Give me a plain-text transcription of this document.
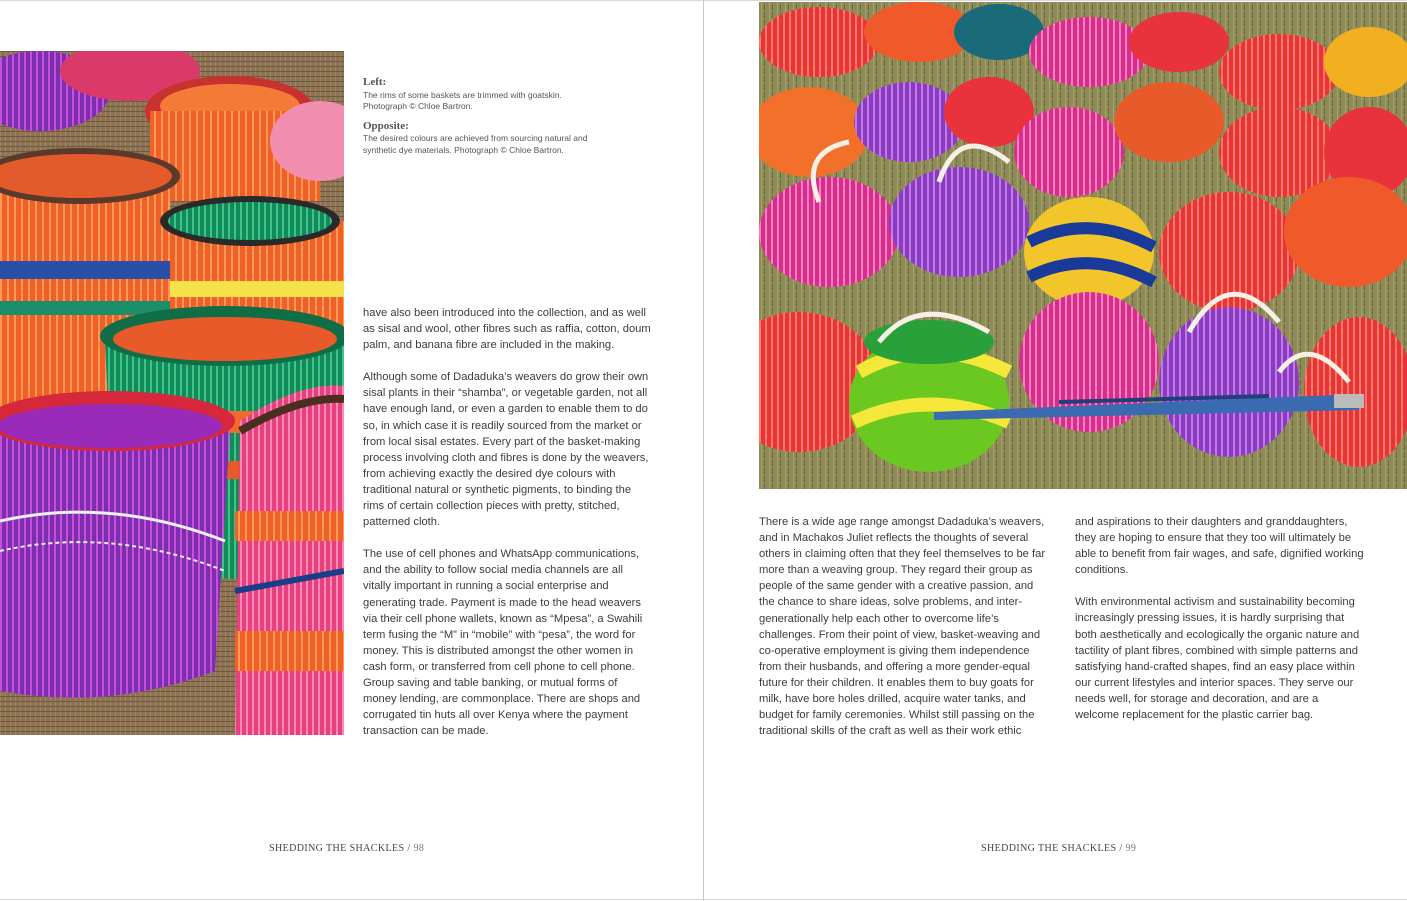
Left:

The rims of some baskets are trimmed with goatskin. Photograph © Chloe Bartron.

Opposite:

The desired colours are achieved from sourcing natural and synthetic dye materials. Photograph © Chloe Bartron.

have also been introduced into the collection, and as well as sisal and wool, other fibres such as raffia, cotton, doum palm, and banana fibre are included in the making.

Although some of Dadaduka’s weavers do grow their own sisal plants in their “shamba”, or vegetable garden, not all have enough land, or even a garden to enable them to do so, in which case it is readily sourced from the market or from local sisal estates. Every part of the basket-making process involving cloth and fibres is done by the weavers, from achieving exactly the desired dye colours with traditional natural or synthetic pigments, to binding the rims of certain collection pieces with pretty, stitched, patterned cloth.

The use of cell phones and WhatsApp communications, and the ability to follow social media channels are all vitally important in running a social enterprise and generating trade. Payment is made to the head weavers via their cell phone wallets, known as “Mpesa”, a Swahili term fusing the “M” in “mobile” with “pesa”, the word for money. This is distributed amongst the other women in cash form, or transferred from cell phone to cell phone. Group saving and table banking, or mutual forms of money lending, are commonplace. There are shops and corrugated tin huts all over Kenya where the payment transaction can be made.

There is a wide age range amongst Dadaduka’s weavers, and in Machakos Juliet reflects the thoughts of several others in claiming often that they feel themselves to be far more than a weaving group. They regard their group as people of the same gender with a creative passion, and the chance to share ideas, solve problems, and inter-generationally help each other to overcome life’s challenges. From their point of view, basket-weaving and co-operative employment is giving them independence from their husbands, and offering a more gender-equal future for their children. It enables them to buy goats for milk, have bore holes drilled, acquire water tanks, and budget for family ceremonies. Whilst still passing on the traditional skills of the craft as well as their work ethic

and aspirations to their daughters and granddaughters, they are hoping to ensure that they too will ultimately be able to benefit from fair wages, and safe, dignified working conditions.

With environmental activism and sustainability becoming increasingly pressing issues, it is hardly surprising that both aesthetically and ecologically the organic nature and tactility of plant fibres, combined with simple patterns and satisfying hand-crafted shapes, find an easy place within our current lifestyles and interior spaces. They serve our needs well, for storage and decoration, and are a welcome replacement for the plastic carrier bag.

SHEDDING THE SHACKLES / 98	SHEDDING THE SHACKLES / 99
